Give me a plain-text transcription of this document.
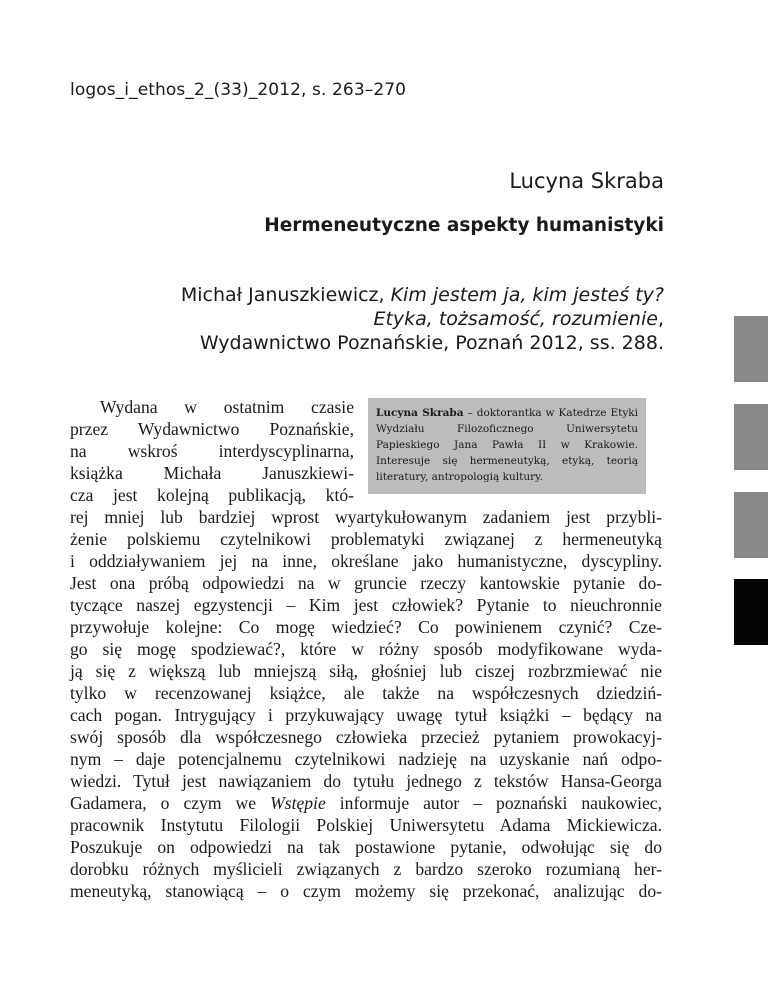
logos_i_ethos_2_(33)_2012, s. 263–270
Lucyna Skraba
Hermeneutyczne aspekty humanistyki
Michał Januszkiewicz, Kim jestem ja, kim jesteś ty?
Etyka, tożsamość, rozumienie,
Wydawnictwo Poznańskie, Poznań 2012, ss. 288.
Lucyna Skraba – doktorantka w Katedrze Etyki Wydziału Filozoficznego Uniwersytetu Papieskiego Jana Pawła II w Krakowie. Interesuje się hermeneutyką, etyką, teorią literatury, antropologią kultury.
Wydana w ostatnim czasie
przez Wydawnictwo Poznańskie,
na wskroś interdyscyplinarna,
książka Michała Januszkiewi-
cza jest kolejną publikacją, któ-
rej mniej lub bardziej wprost wyartykułowanym zadaniem jest przybli-
żenie polskiemu czytelnikowi problematyki związanej z hermeneutyką
i oddziaływaniem jej na inne, określane jako humanistyczne, dyscypliny.
Jest ona próbą odpowiedzi na w gruncie rzeczy kantowskie pytanie do-
tyczące naszej egzystencji – Kim jest człowiek? Pytanie to nieuchronnie
przywołuje kolejne: Co mogę wiedzieć? Co powinienem czynić? Cze-
go się mogę spodziewać?, które w różny sposób modyfikowane wyda-
ją się z większą lub mniejszą siłą, głośniej lub ciszej rozbrzmiewać nie
tylko w recenzowanej książce, ale także na współczesnych dziedziń-
cach pogan. Intrygujący i przykuwający uwagę tytuł książki – będący na
swój sposób dla współczesnego człowieka przecież pytaniem prowokacyj-
nym – daje potencjalnemu czytelnikowi nadzieję na uzyskanie nań odpo-
wiedzi. Tytuł jest nawiązaniem do tytułu jednego z tekstów Hansa-Georga
Gadamera, o czym we Wstępie informuje autor – poznański naukowiec,
pracownik Instytutu Filologii Polskiej Uniwersytetu Adama Mickiewicza.
Poszukuje on odpowiedzi na tak postawione pytanie, odwołując się do
dorobku różnych myślicieli związanych z bardzo szeroko rozumianą her-
meneutyką, stanowiącą – o czym możemy się przekonać, analizując do-
